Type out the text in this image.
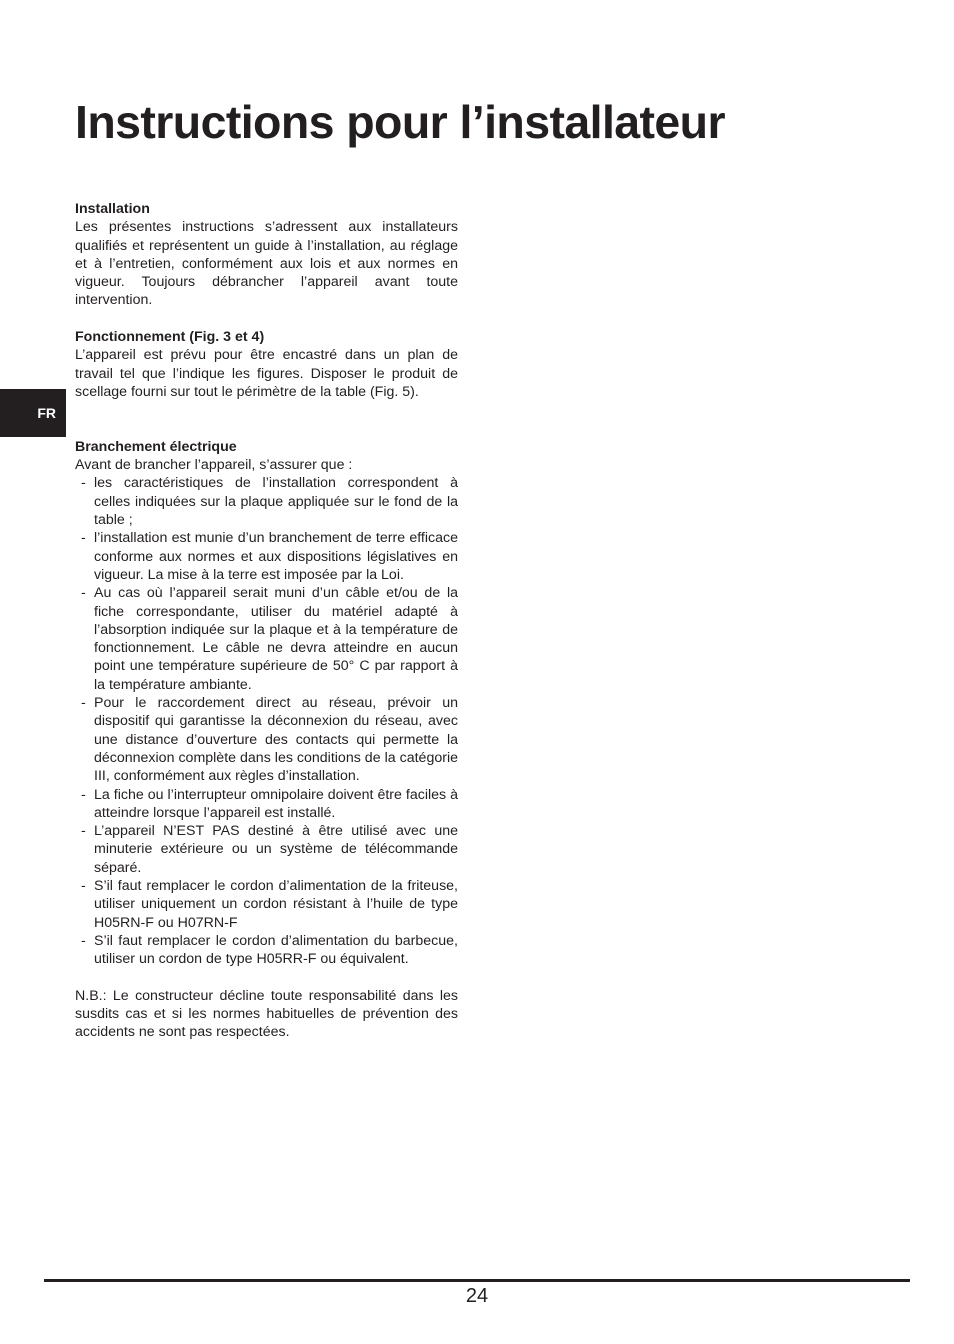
Instructions pour l’installateur
FR

Installation

Les présentes instructions s’adressent aux installateurs qualifiés et représentent un guide à l’installation, au réglage et à l’entretien, conformément aux lois et aux normes en vigueur. Toujours débrancher l’appareil avant toute intervention.

Fonctionnement (Fig. 3 et 4)

L’appareil est prévu pour être encastré dans un plan de travail tel que l’indique les figures. Disposer le produit de scellage fourni sur tout le périmètre de la table (Fig. 5).

Branchement électrique

Avant de brancher l’appareil, s’assurer que :

- les caractéristiques de l’installation correspondent à celles indiquées sur la plaque appliquée sur le fond de la table ;
- l’installation est munie d’un branchement de terre efficace conforme aux normes et aux dispositions législatives en vigueur. La mise à la terre est imposée par la Loi.
- Au cas où l’appareil serait muni d’un câble et/ou de la fiche correspondante, utiliser du matériel adapté à l’absorption indiquée sur la plaque et à la température de fonctionnement. Le câble ne devra atteindre en aucun point une température supérieure de 50° C par rapport à la température ambiante.
- Pour le raccordement direct au réseau, prévoir un dispositif qui garantisse la déconnexion du réseau, avec une distance d’ouverture des contacts qui permette la déconnexion complète dans les conditions de la catégorie III, conformément aux règles d’installation.
- La fiche ou l’interrupteur omnipolaire doivent être faciles à atteindre lorsque l’appareil est installé.
- L’appareil N’EST PAS destiné à être utilisé avec une minuterie extérieure ou un système de télécommande séparé.
- S’il faut remplacer le cordon d’alimentation de la friteuse, utiliser uniquement un cordon résistant à l’huile de type H05RN-F ou H07RN-F
- S’il faut remplacer le cordon d’alimentation du barbecue, utiliser un cordon de type H05RR-F ou équivalent.

N.B.: Le constructeur décline toute responsabilité dans les susdits cas et si les normes habituelles de prévention des accidents ne sont pas respectées.

24
